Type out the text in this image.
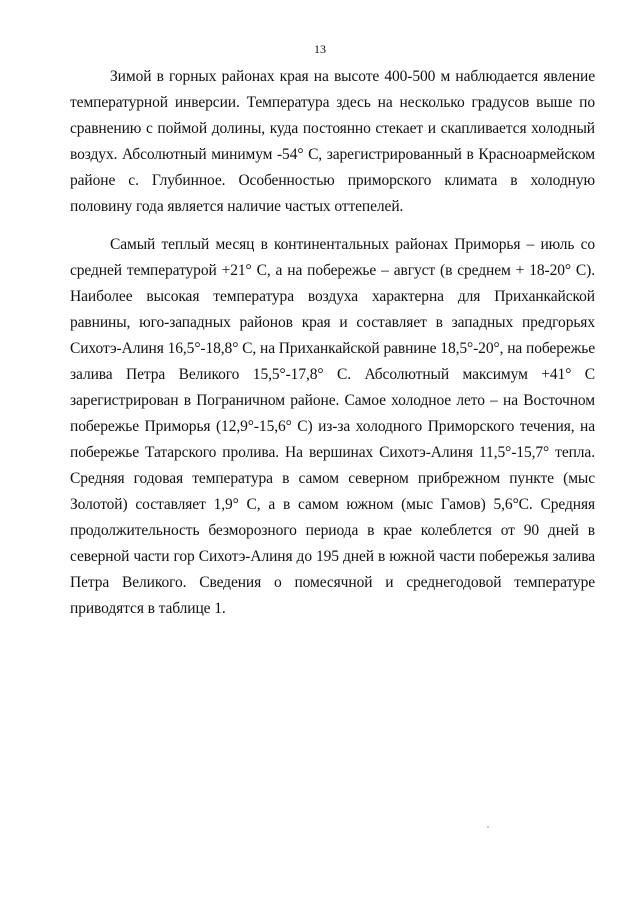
13

Зимой в горных районах края на высоте 400-500 м наблюдается явление
температурной инверсии. Температура здесь на несколько градусов выше по
сравнению с поймой долины, куда постоянно стекает и скапливается холодный
воздух. Абсолютный минимум -54° С, зарегистрированный в Красноармейском
районе с. Глубинное. Особенностью приморского климата в холодную
половину года является наличие частых оттепелей.

Самый теплый месяц в континентальных районах Приморья – июль со
средней температурой +21° С, а на побережье – август (в среднем + 18-20° С).
Наиболее высокая температура воздуха характерна для Приханкайской
равнины, юго-западных районов края и составляет в западных предгорьях
Сихотэ-Алиня 16,5°-18,8° С, на Приханкайской равнине 18,5°-20°, на побережье
залива Петра Великого 15,5°-17,8° С. Абсолютный максимум +41° С
зарегистрирован в Пограничном районе. Самое холодное лето – на Восточном
побережье Приморья (12,9°-15,6° С) из-за холодного Приморского течения, на
побережье Татарского пролива. На вершинах Сихотэ-Алиня 11,5°-15,7° тепла.
Средняя годовая температура в самом северном прибрежном пункте (мыс
Золотой) составляет 1,9° С, а в самом южном (мыс Гамов) 5,6°С. Средняя
продолжительность безморозного периода в крае колеблется от 90 дней в
северной части гор Сихотэ-Алиня до 195 дней в южной части побережья залива
Петра Великого. Сведения о помесячной и среднегодовой температуре
приводятся в таблице 1.
